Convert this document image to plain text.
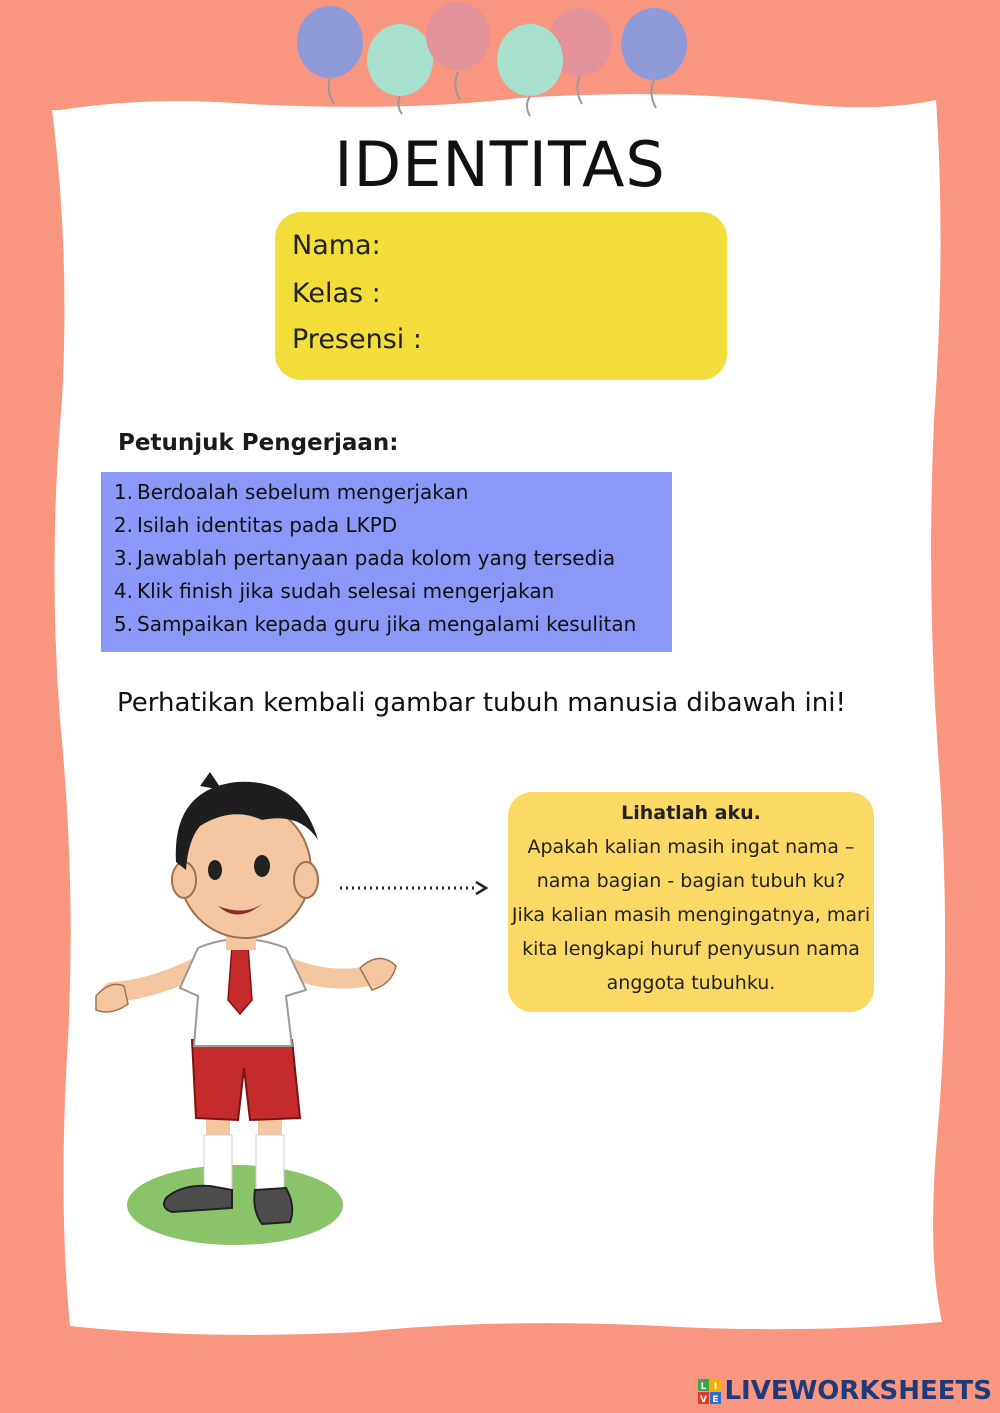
IDENTITAS
Nama:
Kelas :
Presensi :
Petunjuk Pengerjaan:
1. Berdoalah sebelum mengerjakan
2. Isilah identitas pada LKPD
3. Jawablah pertanyaan pada kolom yang tersedia
4. Klik finish jika sudah selesai mengerjakan
5. Sampaikan kepada guru jika mengalami kesulitan
Perhatikan kembali gambar tubuh manusia dibawah ini!
Lihatlah aku.
Apakah kalian masih ingat nama –
nama bagian - bagian tubuh ku?
Jika kalian masih mengingatnya, mari
kita lengkapi huruf penyusun nama
anggota tubuhku.
L I
V E LIVEWORKSHEETS
